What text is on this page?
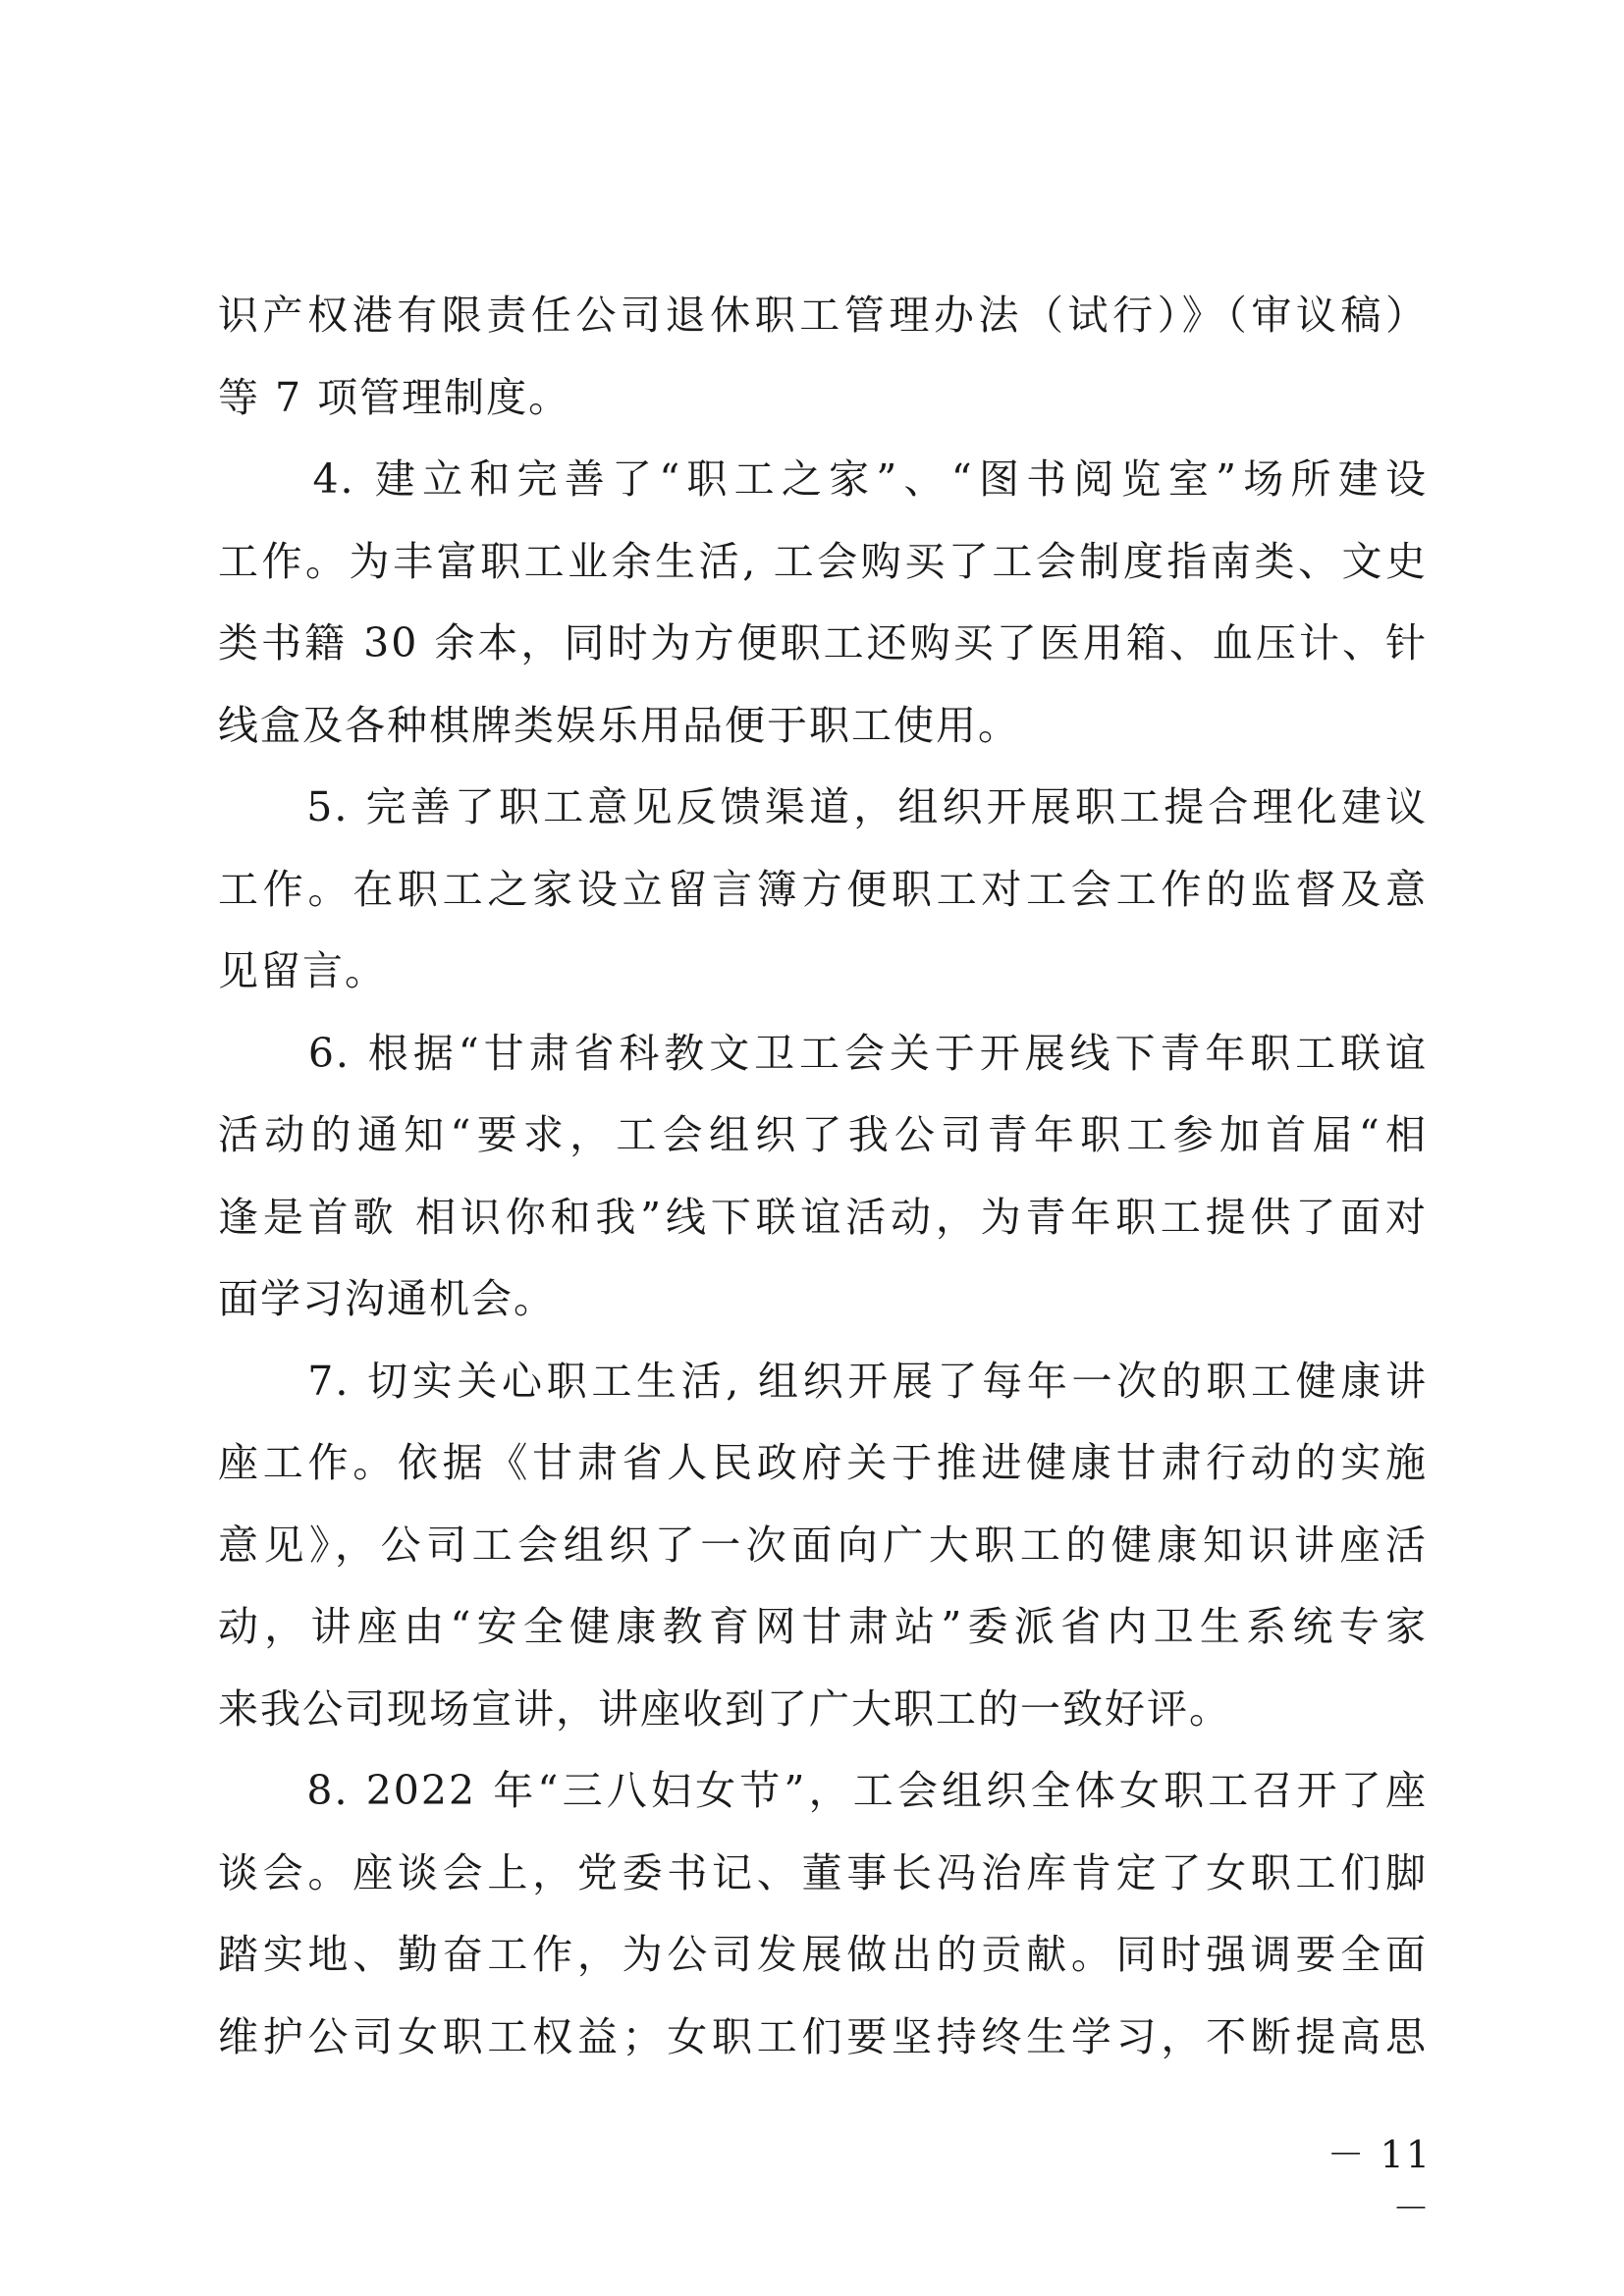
识产权港有限责任公司退休职工管理办法（试行）》（审议稿）
等 7 项管理制度。
　　4. 建立和完善了“职工之家”、“图书阅览室”场所建设
工作。为丰富职工业余生活, 工会购买了工会制度指南类、文史
类书籍 30 余本，同时为方便职工还购买了医用箱、血压计、针
线盒及各种棋牌类娱乐用品便于职工使用。
　　5. 完善了职工意见反馈渠道，组织开展职工提合理化建议
工作。在职工之家设立留言簿方便职工对工会工作的监督及意
见留言。
　　6. 根据“甘肃省科教文卫工会关于开展线下青年职工联谊
活动的通知“要求，工会组织了我公司青年职工参加首届“相
逢是首歌 相识你和我”线下联谊活动，为青年职工提供了面对
面学习沟通机会。
　　7. 切实关心职工生活, 组织开展了每年一次的职工健康讲
座工作。依据《甘肃省人民政府关于推进健康甘肃行动的实施
意见》，公司工会组织了一次面向广大职工的健康知识讲座活
动，讲座由“安全健康教育网甘肃站”委派省内卫生系统专家
来我公司现场宣讲，讲座收到了广大职工的一致好评。
　　8. 2022 年“三八妇女节”，工会组织全体女职工召开了座
谈会。座谈会上，党委书记、董事长冯治库肯定了女职工们脚
踏实地、勤奋工作，为公司发展做出的贡献。同时强调要全面
维护公司女职工权益；女职工们要坚持终生学习，不断提高思
－ 11 －
